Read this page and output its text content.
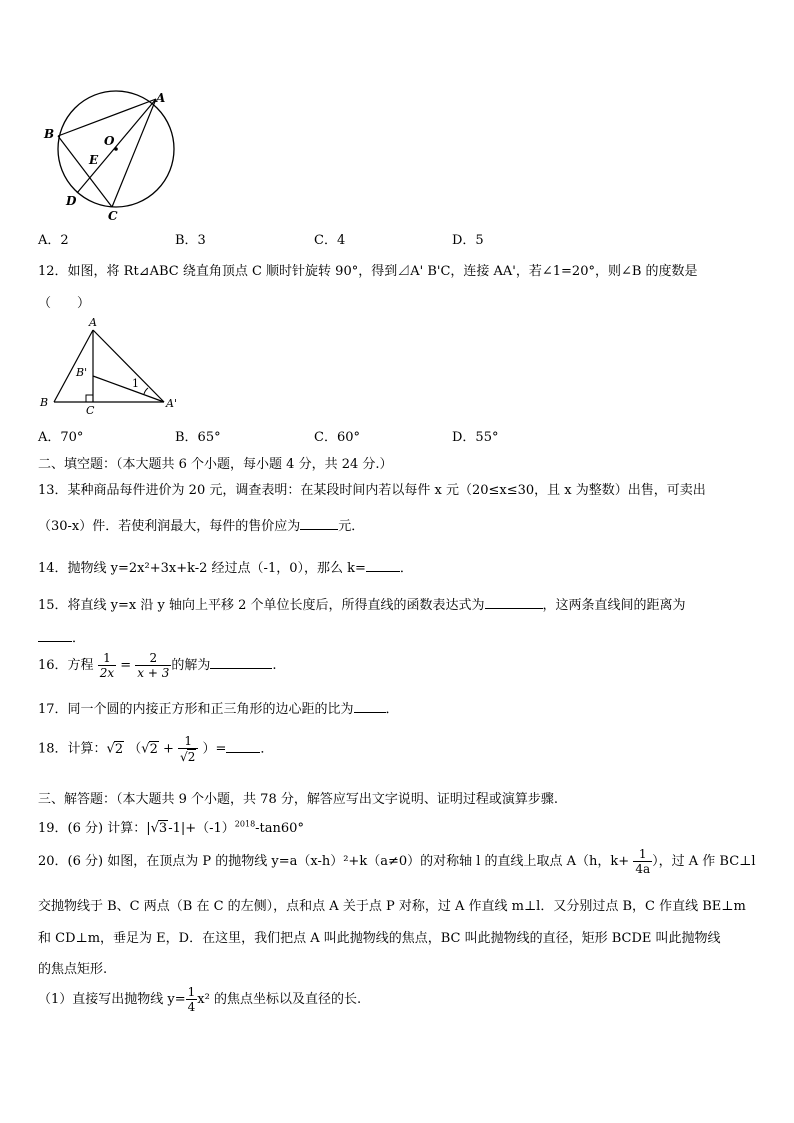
A
B	O
E
D
C
A．2	B．3	C．4	D．5
12．如图，将 Rt⊿ABC 绕直角顶点 C 顺时针旋转 90°，得到⊿A' B'C，连接 AA'，若∠1=20°，则∠B 的度数是
（　　）
A
B'
1
B
C
A'
A．70°	B．65°	C．60°	D．55°
二、填空题：（本大题共 6 个小题，每小题 4 分，共 24 分.）
13．某种商品每件进价为 20 元，调查表明：在某段时间内若以每件 x 元（20≤x≤30，且 x 为整数）出售，可卖出
（30-x）件．若使利润最大，每件的售价应为	元．
14．抛物线 y=2x²+3x+k-2 经过点（-1，0），那么 k=	．
15．将直线 y=x 沿 y 轴向上平移 2 个单位长度后，所得直线的函数表达式为	，这两条直线间的距离为
．
16．方程 $\frac{1}{2x} = \frac{2}{x + 3}$ 的解为	.
17．同一个圆的内接正方形和正三角形的边心距的比为 ．
18．计算：√2 （$√2 + \frac{1}{√2}$ ）=	．
三、解答题：（本大题共 9 个小题，共 78 分，解答应写出文字说明、证明过程或演算步骤.
19．(6 分) 计算：$|√3-1|+(-1)^{2018}-\tan 60^\circ$
20．(6 分) 如图，在顶点为 P 的抛物线 y=a（x-h）²+k（a≠0）的对称轴 l 的直线上取点 A（h，$k+ \frac{1}{4a}$ ），过 A 作 BC⊥l
交抛物线于 B、C 两点（B 在 C 的左侧），点和点 A 关于点 P 对称，过 A 作直线 m⊥l．又分别过点 B，C 作直线 BE⊥m
和 CD⊥m，垂足为 E，D．在这里，我们把点 A 叫此抛物线的焦点，BC 叫此抛物线的直径，矩形 BCDE 叫此抛物线
的焦点矩形.
（1）直接写出抛物线 $y= \frac{1}{4} x^2$ 的焦点坐标以及直径的长.
